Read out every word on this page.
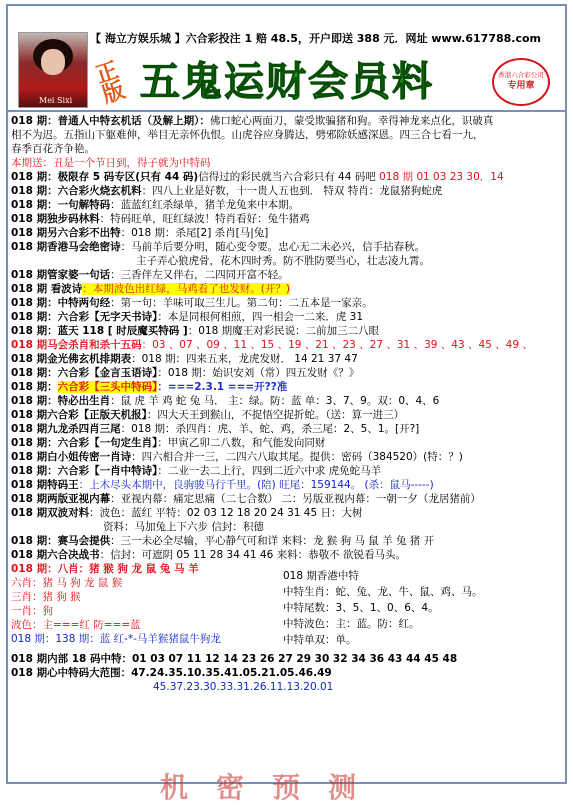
Mei Sixi
【 海立方娱乐城 】六合彩投注 1 赔 48.5，开户即送 388 元．网址 www.617788.com
正版 五鬼运财会员料	香港六合彩公司
专用章
018 期：普通人中特玄机话（及解上期）：佛口蛇心两面刀，蒙受欺骗猪和狗。幸得神龙来点化，识破真
相不为迟。五指山下躯难伸，举目无亲怀仇恨。山虎谷应身腾达，劈邪除妖感深恩。四三合七看一九，
春季百花齐争艳。
本期送：丑是一个节日到，得子就为中特码
018 期：极限存 5 码专区(只有 44 码)信得过的彩民就当六合彩只有 44 码吧 018 期 01 03 23 30．14
018 期：六合彩火烧玄机料：四八上业是好数，十一贵人五也到． 特双 特肖：龙鼠猪狗蛇虎
018 期：一句解特码：蓝蓝红红杀绿单，猪羊龙兔来中本期。
018 期独步码林料：特码旺单，旺红绿波！特肖看好：兔牛猪鸡
018 期另六合彩不出特：018 期：杀尾[2] 杀肖[马|兔]
018 期香港马会绝密诗：马前羊后要分明，随心变令要。忠心无二未必兴，信手拈春秋。
主子弄心狼虎骨，花木四时秀。防不胜防要当心，壮志凌九霄。
018 期管家婆一句话：三香伴左又伴右，二四同开富不轻。
018 期 看波诗：本期波色出红绿，马鸡看了也发财。(开？)
018 期：中特两句经：第一句：羊味可取三生儿。第二句：二五本是一家亲。
018 期：六合彩【无字天书诗】：本是同根何相煎，四一相会一二来．虎 31
018 期：蓝天 118 [ 时辰魔买特码 ]：018 期魔王对彩民说：二前加三二八眼
018 期马会杀肖和杀十五码：03 、07 、09 、11 、15 、19 、21 、23 、27 、31 、39 、43 、45 、49 、
018 期金光佛玄机排期表：018 期：四来五来，龙虎发财． 14 21 37 47
018 期：六合彩【金言玉语诗】：018 期：始识安刘（常）四五发财《？》
018 期：六合彩【三头中特码】：===2.3.1 ===开??准
018 期：特必出生肖：鼠 虎 羊 鸡 蛇 兔 马． 主：绿。防：蓝 单：3、7、9。双：0、4、6
018 期六合彩【正版天机报】：四大天王到猴山，不捉悟空捉折蛇。（送：算一进三）
018 期九龙杀四肖三尾：018 期：杀四肖：虎、羊、蛇、鸡，杀三尾：2、5、1。[开?]
018 期：六合彩【一句定生肖】：甲寅乙卯二八数，和气能发向同财
018 期白小姐传密一肖诗：四六相合并一三，二四六八取其尾。提供：密码（384520）(特：？)
018 期：六合彩【一肖中特诗】：二业一去二上行，四到二近六中求 虎免蛇马羊
018 期特码王：上木尽头本期中，良驹骏马行千里。(陪) 旺尾：159144。 (杀：鼠马-----)
018 期两版亚视内幕：亚视内幕：痛定思痛（二七合数） 二：另版亚视内幕：一朝一夕（龙居猪前）
018 期双波对料：波色：蓝红 平特：02 03 12 18 20 24 31 45 日：大树
资料：马加兔上下六步 信封：积德
018 期：赛马会提供：三一未必全尽输，平心静气可和详 来料：龙 猴 狗 马 鼠 羊 兔 猪 开
018 期六合决战书：信封：可遮阴 05 11 28 34 41 46 来料：恭敬不 欲锐看马头。
018 期：八肖：猪 猴 狗 龙 鼠 兔 马 羊
六肖：猪 马 狗 龙 鼠 猴
三肖：猪 狗 猴
一肖：狗
波色：主===红 防===蓝
018 期：138 期：蓝 红-*-马羊猴猪鼠牛狗龙
018 期香港中特
中特生肖：蛇、兔、龙、牛、鼠、鸡、马。
中特尾数：3、5、1、0、6、4。
中特波色：主：蓝。防：红。
中特单双：单。
018 期内部 18 码中特：01 03 07 11 12 14 23 26 27 29 30 32 34 36 43 44 45 48
018 期心中特码大范围：47.24.35.10.35.41.05.21.05.46.49
45.37.23.30.33.31.26.11.13.20.01
机密预测
